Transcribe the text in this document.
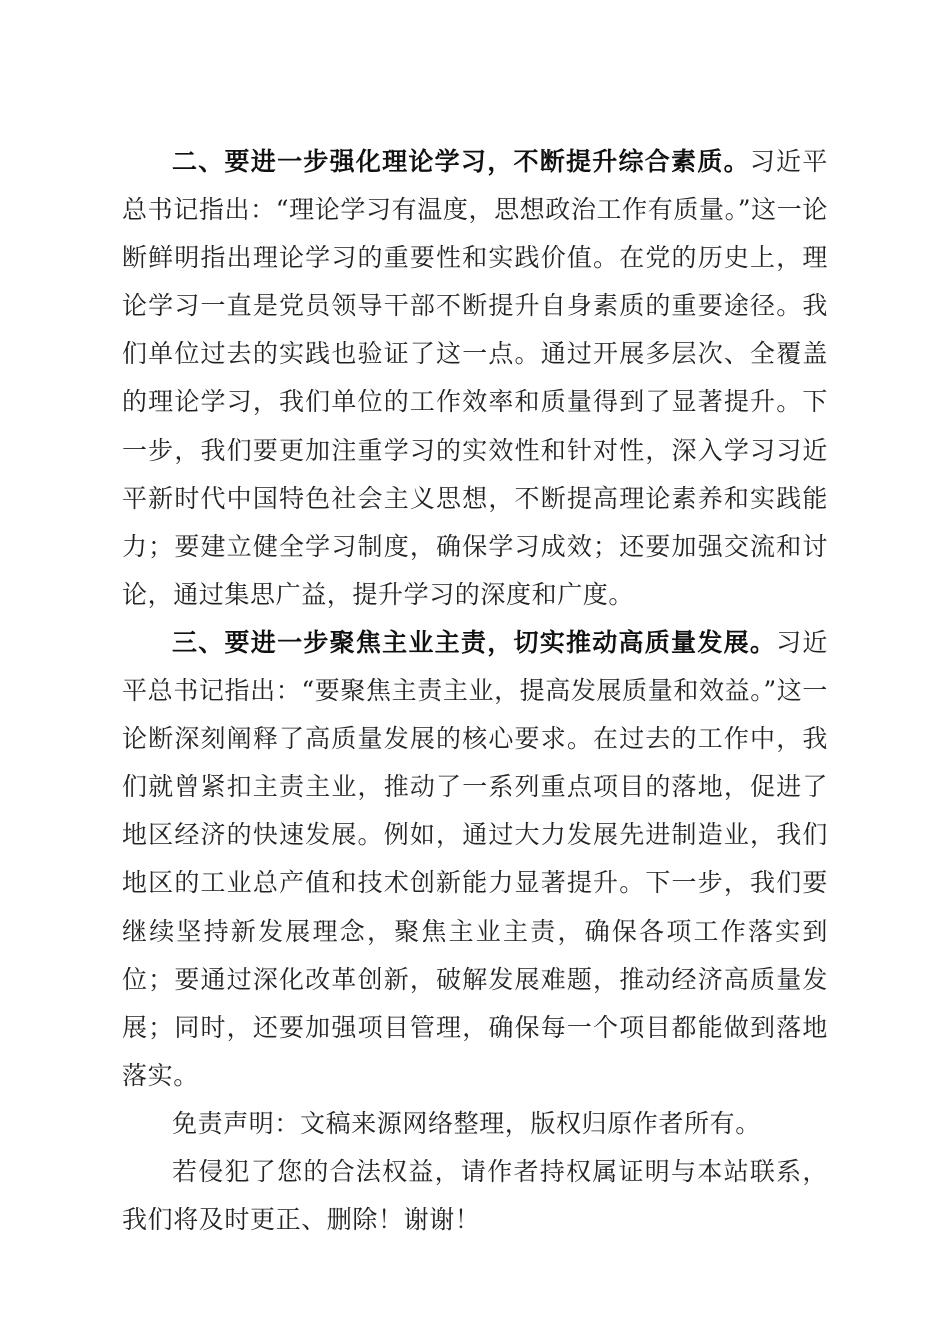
二、要进一步强化理论学习，不断提升综合素质。习近平总书记指出：“理论学习有温度，思想政治工作有质量。”这一论断鲜明指出理论学习的重要性和实践价值。在党的历史上，理论学习一直是党员领导干部不断提升自身素质的重要途径。我们单位过去的实践也验证了这一点。通过开展多层次、全覆盖的理论学习，我们单位的工作效率和质量得到了显著提升。下一步，我们要更加注重学习的实效性和针对性，深入学习习近平新时代中国特色社会主义思想，不断提高理论素养和实践能力；要建立健全学习制度，确保学习成效；还要加强交流和讨论，通过集思广益，提升学习的深度和广度。

三、要进一步聚焦主业主责，切实推动高质量发展。习近平总书记指出：“要聚焦主责主业，提高发展质量和效益。”这一论断深刻阐释了高质量发展的核心要求。在过去的工作中，我们就曾紧扣主责主业，推动了一系列重点项目的落地，促进了地区经济的快速发展。例如，通过大力发展先进制造业，我们地区的工业总产值和技术创新能力显著提升。下一步，我们要继续坚持新发展理念，聚焦主业主责，确保各项工作落实到位；要通过深化改革创新，破解发展难题，推动经济高质量发展；同时，还要加强项目管理，确保每一个项目都能做到落地落实。

免责声明：文稿来源网络整理，版权归原作者所有。

若侵犯了您的合法权益，请作者持权属证明与本站联系，我们将及时更正、删除！谢谢！
